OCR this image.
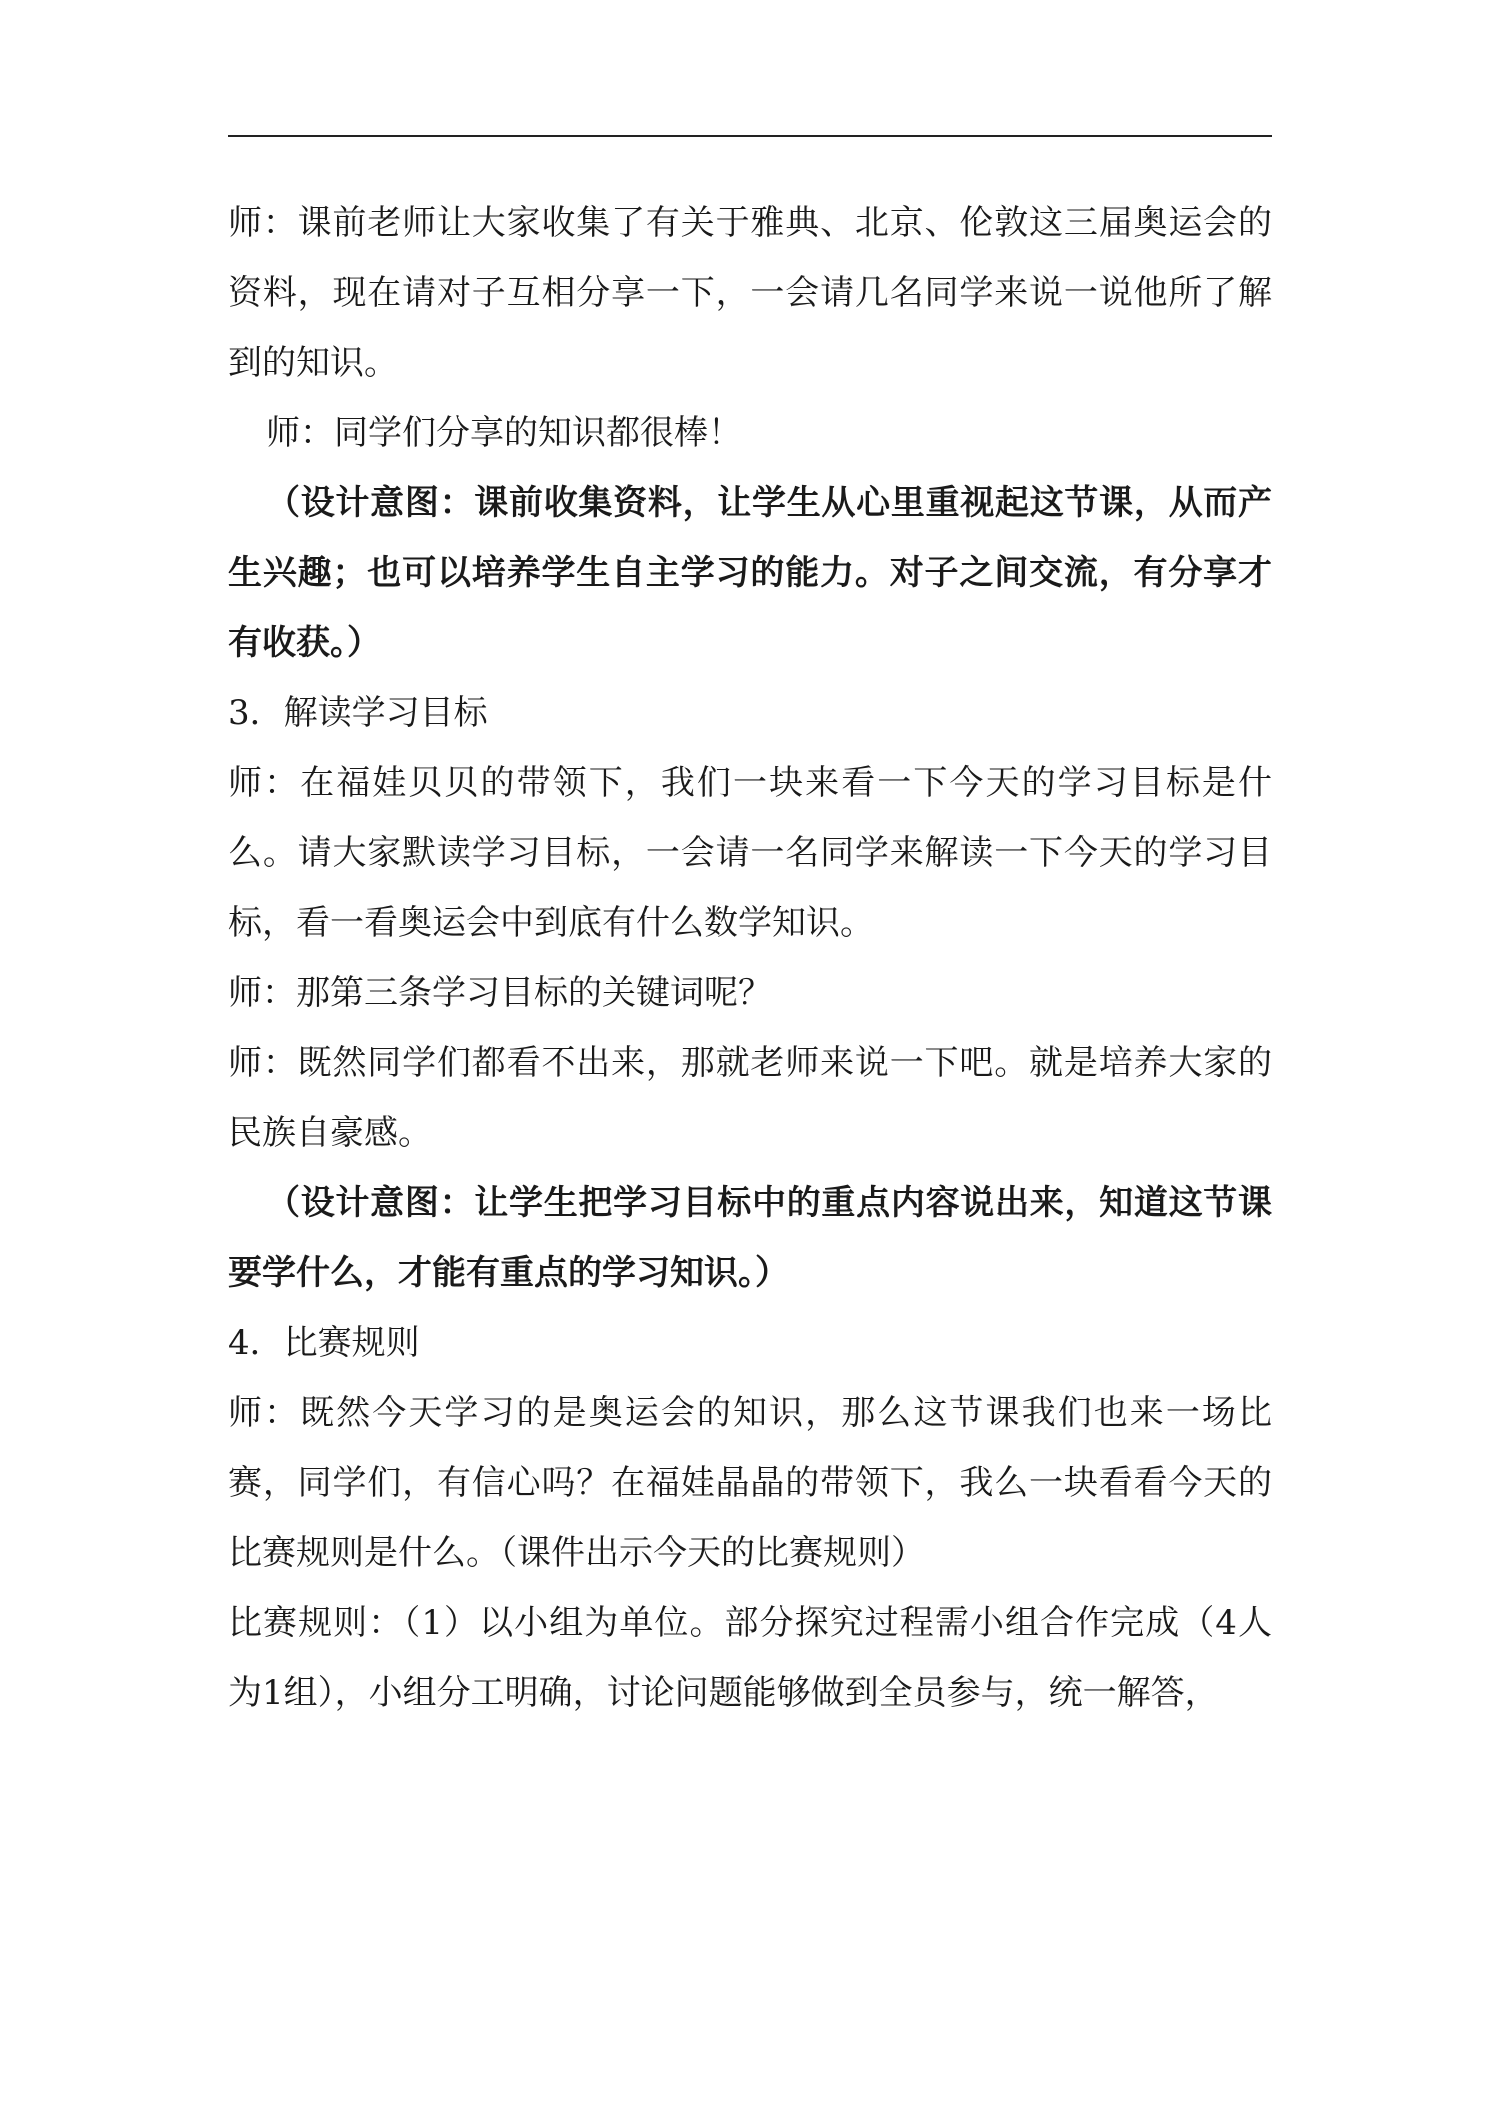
师：课前老师让大家收集了有关于雅典、北京、伦敦这三届奥运会的资料，现在请对子互相分享一下，一会请几名同学来说一说他所了解到的知识。

师：同学们分享的知识都很棒！

（设计意图：课前收集资料，让学生从心里重视起这节课，从而产生兴趣；也可以培养学生自主学习的能力。对子之间交流，有分享才有收获。）

3．解读学习目标

师：在福娃贝贝的带领下，我们一块来看一下今天的学习目标是什么。请大家默读学习目标，一会请一名同学来解读一下今天的学习目标，看一看奥运会中到底有什么数学知识。

师：那第三条学习目标的关键词呢？

师：既然同学们都看不出来，那就老师来说一下吧。就是培养大家的民族自豪感。

（设计意图：让学生把学习目标中的重点内容说出来，知道这节课要学什么，才能有重点的学习知识。）

4．比赛规则

师：既然今天学习的是奥运会的知识，那么这节课我们也来一场比赛，同学们，有信心吗？在福娃晶晶的带领下，我么一块看看今天的比赛规则是什么。（课件出示今天的比赛规则）

比赛规则：（1）以小组为单位。部分探究过程需小组合作完成（4人为1组），小组分工明确，讨论问题能够做到全员参与，统一解答，
